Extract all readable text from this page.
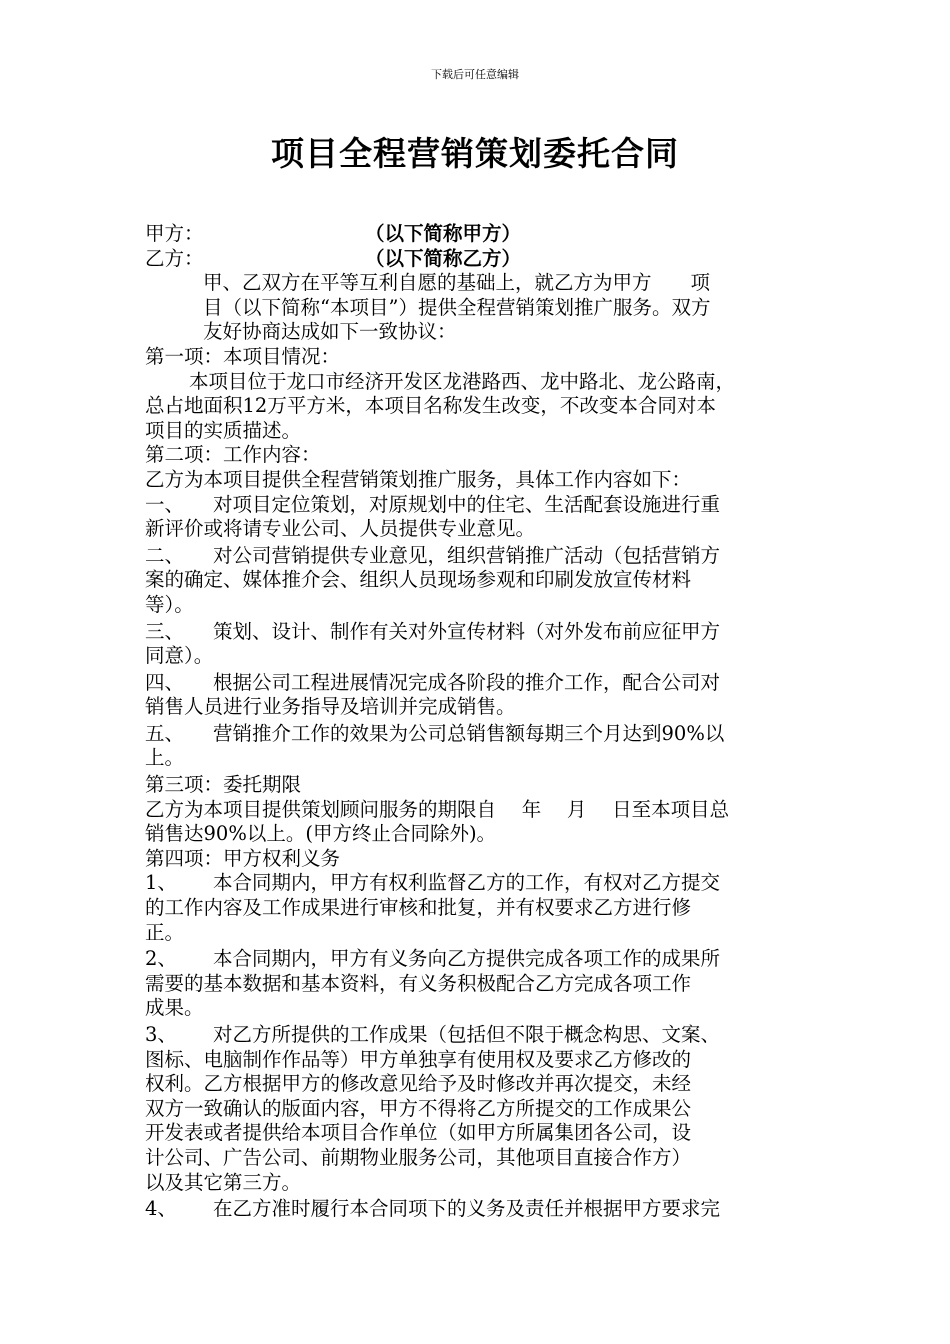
下载后可任意编辑
项目全程营销策划委托合同
甲方：	（以下简称甲方）
乙方：	（以下简称乙方）
甲、乙双方在平等互利自愿的基础上，就乙方为甲方　　项
目（以下简称“本项目”）提供全程营销策划推广服务。双方
友好协商达成如下一致协议：
第一项：本项目情况：
本项目位于龙口市经济开发区龙港路西、龙中路北、龙公路南，
总占地面积12万平方米，本项目名称发生改变，不改变本合同对本
项目的实质描述。
第二项：工作内容：
乙方为本项目提供全程营销策划推广服务，具体工作内容如下：
一、	对项目定位策划，对原规划中的住宅、生活配套设施进行重
新评价或将请专业公司、人员提供专业意见。
二、	对公司营销提供专业意见，组织营销推广活动（包括营销方
案的确定、媒体推介会、组织人员现场参观和印刷发放宣传材料
等）。
三、	策划、设计、制作有关对外宣传材料（对外发布前应征甲方
同意）。
四、	根据公司工程进展情况完成各阶段的推介工作，配合公司对
销售人员进行业务指导及培训并完成销售。
五、	营销推介工作的效果为公司总销售额每期三个月达到90%以
上。
第三项：委托期限
乙方为本项目提供策划顾问服务的期限自　 年　 月　 日至本项目总
销售达90%以上。(甲方终止合同除外)。
第四项：甲方权利义务
1、	本合同期内，甲方有权利监督乙方的工作，有权对乙方提交
的工作内容及工作成果进行审核和批复，并有权要求乙方进行修
正。
2、	本合同期内，甲方有义务向乙方提供完成各项工作的成果所
需要的基本数据和基本资料，有义务积极配合乙方完成各项工作
成果。
3、	对乙方所提供的工作成果（包括但不限于概念构思、文案、
图标、电脑制作作品等）甲方单独享有使用权及要求乙方修改的
权利。乙方根据甲方的修改意见给予及时修改并再次提交，未经
双方一致确认的版面内容，甲方不得将乙方所提交的工作成果公
开发表或者提供给本项目合作单位（如甲方所属集团各公司，设
计公司、广告公司、前期物业服务公司，其他项目直接合作方）
以及其它第三方。
4、	在乙方准时履行本合同项下的义务及责任并根据甲方要求完
